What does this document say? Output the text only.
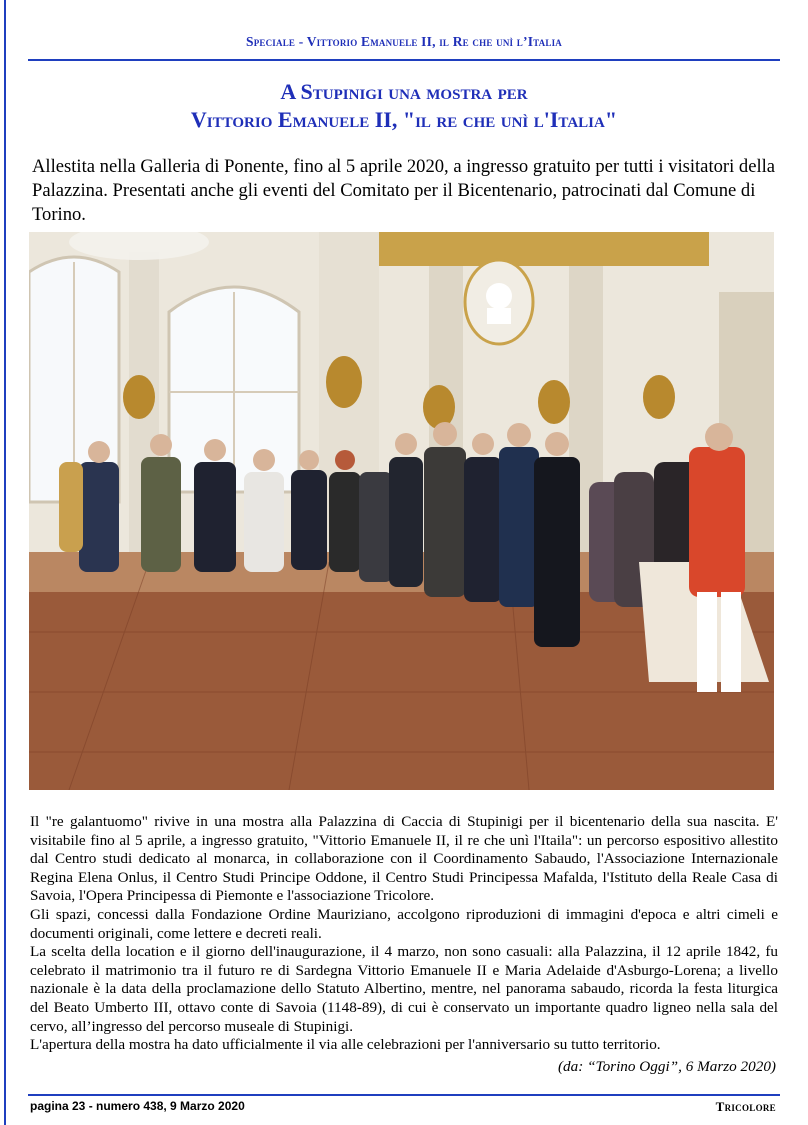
Speciale - Vittorio Emanuele II, il Re che unì l’Italia
A Stupinigi una mostra per
Vittorio Emanuele II, "il re che unì l'Italia"
Allestita nella Galleria di Ponente, fino al 5 aprile 2020, a ingresso gratuito per tutti i visitatori della Palazzina. Presentati anche gli eventi del Comitato per il Bicentenario, patrocinati dal Comune di Torino.

Il "re galantuomo" rivive in una mostra alla Palazzina di Caccia di Stupinigi per il bicentenario della sua nascita. E' visitabile fino al 5 aprile, a ingresso gratuito, "Vittorio Emanuele II, il re che unì l'Itaila": un percorso espositivo allestito dal Centro studi dedicato al monarca, in collaborazione con il Coordinamento Sabaudo, l'Associazione Internazionale Regina Elena Onlus, il Centro Studi Principe Oddone, il Centro Studi Principessa Mafalda, l'Istituto della Reale Casa di Savoia, l'Opera Principessa di Piemonte e l'associazione Tricolore.

Gli spazi, concessi dalla Fondazione Ordine Mauriziano, accolgono riproduzioni di immagini d'epoca e altri cimeli e documenti originali, come lettere e decreti reali.

La scelta della location e il giorno dell'inaugurazione, il 4 marzo, non sono casuali: alla Palazzina, il 12 aprile 1842, fu celebrato il matrimonio tra il futuro re di Sardegna Vittorio Emanuele II e Maria Adelaide d'Asburgo-Lorena; a livello nazionale è la data della proclamazione dello Statuto Albertino, mentre, nel panorama sabaudo, ricorda la festa liturgica del Beato Umberto III, ottavo conte di Savoia (1148-89), di cui è conservato un importante quadro ligneo nella sala del cervo, all’ingresso del percorso museale di Stupinigi.

L'apertura della mostra ha dato ufficialmente il via alle celebrazioni per l'anniversario su tutto territorio.

(da: “Torino Oggi”, 6 Marzo 2020)
pagina 23 - numero 438, 9 Marzo 2020	Tricolore
